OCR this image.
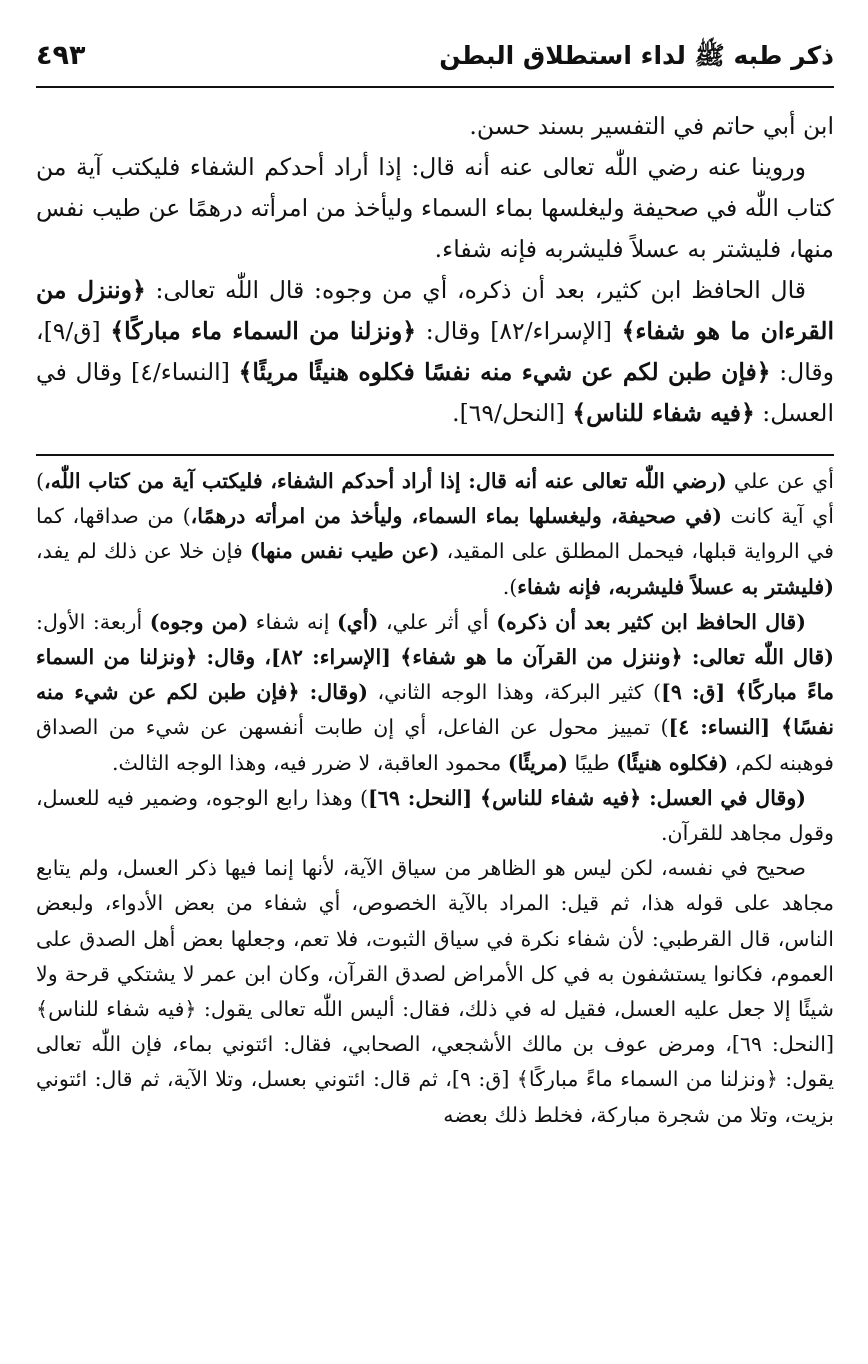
ذكر طبه ﷺ لداء استطلاق البطن
٤٩٣

ابن أبي حاتم في التفسير بسند حسن.

وروينا عنه رضي اللّٰه تعالى عنه أنه قال: إذا أراد أحدكم الشفاء فليكتب آية من كتاب اللّٰه في صحيفة وليغلسها بماء السماء وليأخذ من امرأته درهمًا عن طيب نفس منها، فليشتر به عسلاً فليشربه فإنه شفاء.

قال الحافظ ابن كثير، بعد أن ذكره، أي من وجوه: قال اللّٰه تعالى: ﴿وننزل من القرءان ما هو شفاء﴾ [الإسراء/٨٢] وقال: ﴿ونزلنا من السماء ماء مباركًا﴾ [ق/٩]، وقال: ﴿فإن طبن لكم عن شيء منه نفسًا فكلوه هنيئًا مريئًا﴾ [النساء/٤] وقال في العسل: ﴿فيه شفاء للناس﴾ [النحل/٦٩].

أي عن علي (رضي اللّٰه تعالى عنه أنه قال: إذا أراد أحدكم الشفاء، فليكتب آية من كتاب اللّٰه،) أي آية كانت (في صحيفة، وليغسلها بماء السماء، وليأخذ من امرأته درهمًا،) من صداقها، كما في الرواية قبلها، فيحمل المطلق على المقيد، (عن طيب نفس منها) فإن خلا عن ذلك لم يفد، (فليشتر به عسلاً فليشربه، فإنه شفاء).

(قال الحافظ ابن كثير بعد أن ذكره) أي أثر علي، (أي) إنه شفاء (من وجوه) أربعة: الأول: (قال اللّٰه تعالى: ﴿وننزل من القرآن ما هو شفاء﴾ [الإسراء: ٨٢]، وقال: ﴿ونزلنا من السماء ماءً مباركًا﴾ [ق: ٩]) كثير البركة، وهذا الوجه الثاني، (وقال: ﴿فإن طبن لكم عن شيء منه نفسًا﴾ [النساء: ٤]) تمييز محول عن الفاعل، أي إن طابت أنفسهن عن شيء من الصداق فوهبنه لكم، (فكلوه هنيئًا) طيبًا (مريئًا) محمود العاقبة، لا ضرر فيه، وهذا الوجه الثالث.

(وقال في العسل: ﴿فيه شفاء للناس﴾ [النحل: ٦٩]) وهذا رابع الوجوه، وضمير فيه للعسل، وقول مجاهد للقرآن.

صحيح في نفسه، لكن ليس هو الظاهر من سياق الآية، لأنها إنما فيها ذكر العسل، ولم يتابع مجاهد على قوله هذا، ثم قيل: المراد بالآية الخصوص، أي شفاء من بعض الأدواء، ولبعض الناس، قال القرطبي: لأن شفاء نكرة في سياق الثبوت، فلا تعم، وجعلها بعض أهل الصدق على العموم، فكانوا يستشفون به في كل الأمراض لصدق القرآن، وكان ابن عمر لا يشتكي قرحة ولا شيئًا إلا جعل عليه العسل، فقيل له في ذلك، فقال: أليس اللّٰه تعالى يقول: ﴿فيه شفاء للناس﴾ [النحل: ٦٩]، ومرض عوف بن مالك الأشجعي، الصحابي، فقال: ائتوني بماء، فإن اللّٰه تعالى يقول: ﴿ونزلنا من السماء ماءً مباركًا﴾ [ق: ٩]، ثم قال: ائتوني بعسل، وتلا الآية، ثم قال: ائتوني بزيت، وتلا من شجرة مباركة، فخلط ذلك بعضه
